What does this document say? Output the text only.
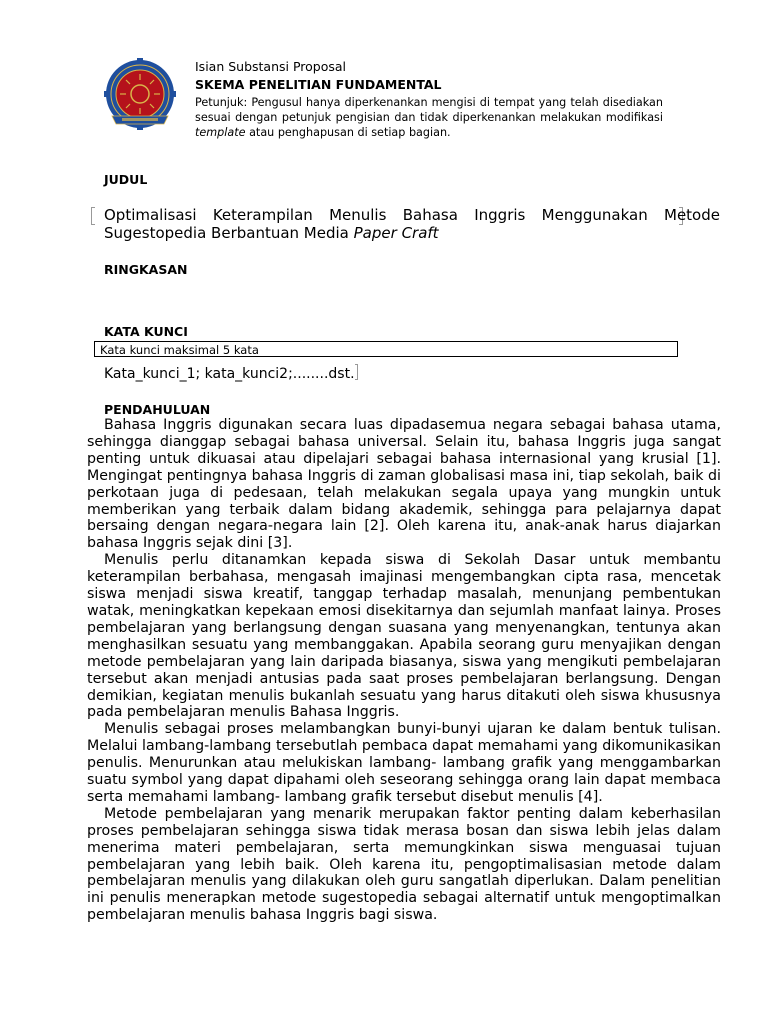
Isian Substansi Proposal
SKEMA PENELITIAN FUNDAMENTAL
Petunjuk: Pengusul hanya diperkenankan mengisi di tempat yang telah disediakan sesuai dengan petunjuk pengisian dan tidak diperkenankan melakukan modifikasi template atau penghapusan di setiap bagian.
JUDUL
Optimalisasi Keterampilan Menulis Bahasa Inggris Menggunakan Metode Sugestopedia Berbantuan Media Paper Craft
RINGKASAN
KATA KUNCI
Kata kunci maksimal 5 kata
Kata_kunci_1; kata_kunci2;........dst.
PENDAHULUAN

Bahasa Inggris digunakan secara luas dipadasemua negara sebagai bahasa utama, sehingga dianggap sebagai bahasa universal. Selain itu, bahasa Inggris juga sangat penting untuk dikuasai atau dipelajari sebagai bahasa internasional yang krusial [1]. Mengingat pentingnya bahasa Inggris di zaman globalisasi masa ini, tiap sekolah, baik di perkotaan juga di pedesaan, telah melakukan segala upaya yang mungkin untuk memberikan yang terbaik dalam bidang akademik, sehingga para pelajarnya dapat bersaing dengan negara-negara lain [2]. Oleh karena itu, anak-anak harus diajarkan bahasa Inggris sejak dini [3].

Menulis perlu ditanamkan kepada siswa di Sekolah Dasar untuk membantu keterampilan berbahasa, mengasah imajinasi mengembangkan cipta rasa, mencetak siswa menjadi siswa kreatif, tanggap terhadap masalah, menunjang pembentukan watak, meningkatkan kepekaan emosi disekitarnya dan sejumlah manfaat lainya. Proses pembelajaran yang berlangsung dengan suasana yang menyenangkan, tentunya akan menghasilkan sesuatu yang membanggakan. Apabila seorang guru menyajikan dengan metode pembelajaran yang lain daripada biasanya, siswa yang mengikuti pembelajaran tersebut akan menjadi antusias pada saat proses pembelajaran berlangsung. Dengan demikian, kegiatan menulis bukanlah sesuatu yang harus ditakuti oleh siswa khususnya pada pembelajaran menulis Bahasa Inggris.

Menulis sebagai proses melambangkan bunyi-bunyi ujaran ke dalam bentuk tulisan. Melalui lambang-lambang tersebutlah pembaca dapat memahami yang dikomunikasikan penulis. Menurunkan atau melukiskan lambang- lambang grafik yang menggambarkan suatu symbol yang dapat dipahami oleh seseorang sehingga orang lain dapat membaca serta memahami lambang- lambang grafik tersebut disebut menulis [4].

Metode pembelajaran yang menarik merupakan faktor penting dalam keberhasilan proses pembelajaran sehingga siswa tidak merasa bosan dan siswa lebih jelas dalam menerima materi pembelajaran, serta memungkinkan siswa menguasai tujuan pembelajaran yang lebih baik. Oleh karena itu, pengoptimalisasian metode dalam pembelajaran menulis yang dilakukan oleh guru sangatlah diperlukan. Dalam penelitian ini penulis menerapkan metode sugestopedia sebagai alternatif untuk mengoptimalkan pembelajaran menulis bahasa Inggris bagi siswa.
